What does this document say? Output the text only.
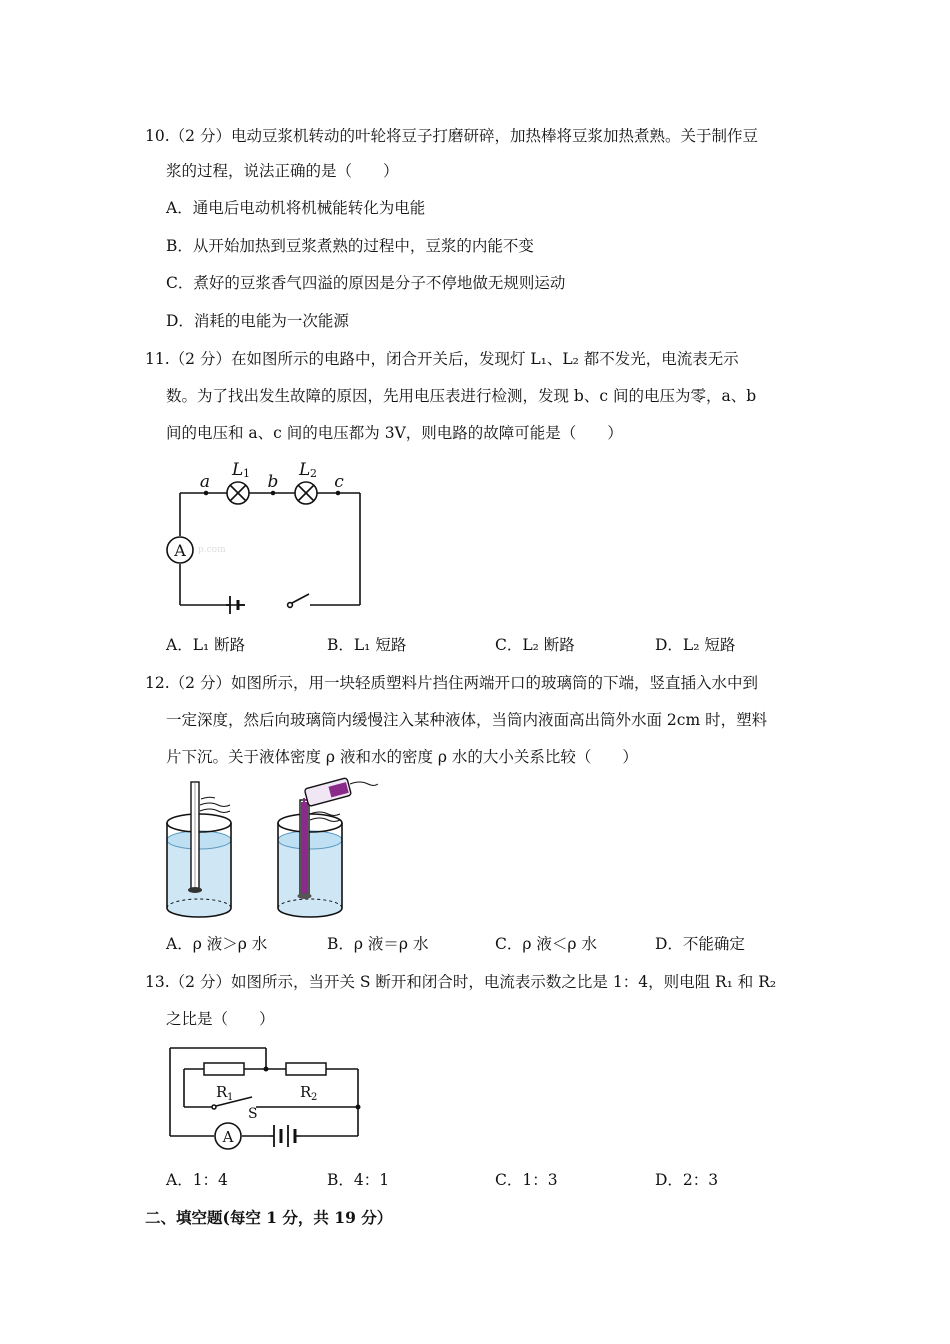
10.（2 分）电动豆浆机转动的叶轮将豆子打磨研碎，加热棒将豆浆加热煮熟。关于制作豆
浆的过程，说法正确的是（　　）
A．通电后电动机将机械能转化为电能
B．从开始加热到豆浆煮熟的过程中，豆浆的内能不变
C．煮好的豆浆香气四溢的原因是分子不停地做无规则运动
D．消耗的电能为一次能源
11.（2 分）在如图所示的电路中，闭合开关后，发现灯 L₁、L₂ 都不发光，电流表无示
数。为了找出发生故障的原因，先用电压表进行检测，发现 b、c 间的电压为零，a、b
间的电压和 a、c 间的电压都为 3V，则电路的故障可能是（　　）
A
a	b	c
L 1	L 2
p.com
A．L₁ 断路	B．L₁ 短路	C．L₂ 断路	D．L₂ 短路
12.（2 分）如图所示，用一块轻质塑料片挡住两端开口的玻璃筒的下端，竖直插入水中到
一定深度，然后向玻璃筒内缓慢注入某种液体，当筒内液面高出筒外水面 2cm 时，塑料
片下沉。关于液体密度 ρ 液和水的密度 ρ 水的大小关系比较（　　）
A．ρ 液＞ρ 水	B．ρ 液＝ρ 水	C．ρ 液＜ρ 水	D．不能确定
13.（2 分）如图所示，当开关 S 断开和闭合时，电流表示数之比是 1：4，则电阻 R₁ 和 R₂
之比是（　　）
A
R 1	R 2
S
A．1：4	B．4：1	C．1：3	D．2：3
二、填空题(每空 1 分，共 19 分）
